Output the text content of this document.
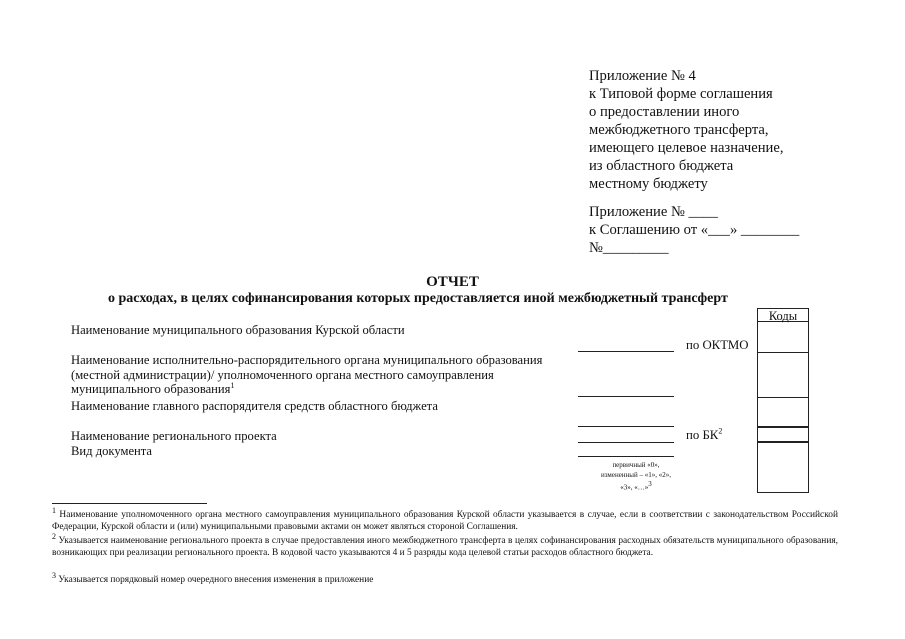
Приложение № 4
к Типовой форме соглашения
о предоставлении иного
межбюджетного трансферта,
имеющего целевое назначение,
из областного бюджета
местному бюджету
Приложение № ____
к Соглашению от «___» ________
№_________
ОТЧЕТ
о расходах, в целях софинансирования которых предоставляется иной межбюджетный трансферт
Коды
Наименование муниципального образования Курской области
по ОКТМО
Наименование исполнительно-распорядительного органа муниципального образования
(местной администрации)/ уполномоченного органа местного самоуправления
муниципального образования$^1$
Наименование главного распорядителя средств областного бюджета
Наименование регионального проекта	по $БК^2$
Вид документа
первичный «0»,
измененный – «1», «2»,
«3», «…»3
1 Наименование уполномоченного органа местного самоуправления муниципального образования Курской области указывается в случае, если в соответствии с законодательством Российской Федерации, Курской области и (или) муниципальными правовыми актами он может являться стороной Соглашения.
2 Указывается наименование регионального проекта в случае предоставления иного межбюджетного трансферта в целях софинансирования расходных обязательств муниципального образования, возникающих при реализации регионального проекта. В кодовой часто указываются 4 и 5 разряды кода целевой статьи расходов областного бюджета.
3 Указывается порядковый номер очередного внесения изменения в приложение
